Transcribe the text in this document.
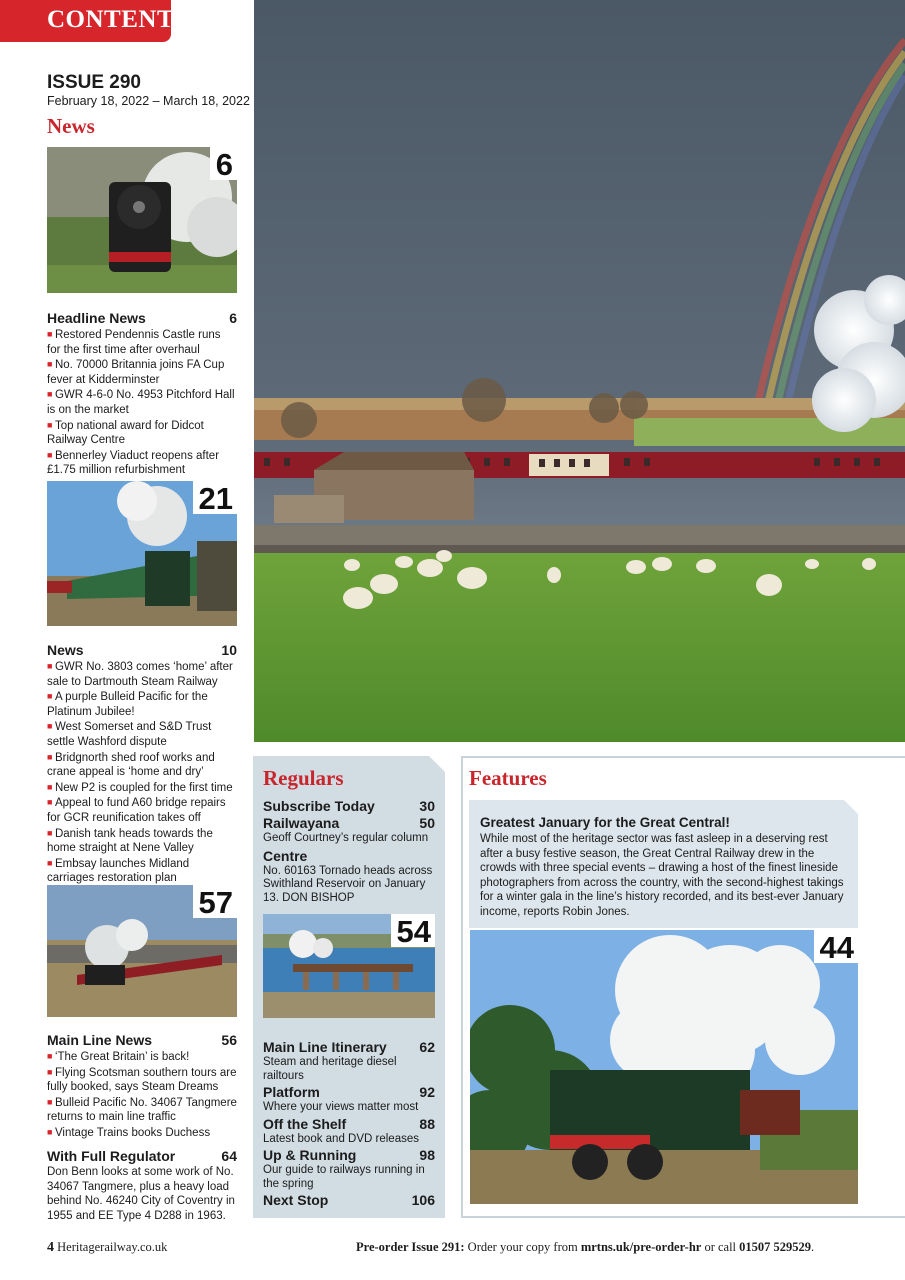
CONTENTS
ISSUE 290
February 18, 2022 – March 18, 2022
News
6
Headline News	6
■ Restored Pendennis Castle runs for the first time after overhaul
■ No. 70000 Britannia joins FA Cup fever at Kidderminster
■ GWR 4-6-0 No. 4953 Pitchford Hall is on the market
■ Top national award for Didcot Railway Centre
■ Bennerley Viaduct reopens after £1.75 million refurbishment
21
News	10
■ GWR No. 3803 comes ‘home’ after sale to Dartmouth Steam Railway
■ A purple Bulleid Pacific for the Platinum Jubilee!
■ West Somerset and S&D Trust settle Washford dispute
■ Bridgnorth shed roof works and crane appeal is ‘home and dry’
■ New P2 is coupled for the first time
■ Appeal to fund A60 bridge repairs for GCR reunification takes off
■ Danish tank heads towards the home straight at Nene Valley
■ Embsay launches Midland carriages restoration plan
57
Main Line News	56
■ ‘The Great Britain’ is back!
■ Flying Scotsman southern tours are fully booked, says Steam Dreams
■ Bulleid Pacific No. 34067 Tangmere returns to main line traffic
■ Vintage Trains books Duchess
With Full Regulator	64
Don Benn looks at some work of No. 34067 Tangmere, plus a heavy load behind No. 46240 City of Coventry in 1955 and EE Type 4 D288 in 1963.
Regulars
Subscribe Today	30
Railwayana	50
Geoff Courtney’s regular column
Centre
No. 60163 Tornado heads across Swithland Reservoir on January 13. DON BISHOP
54
Main Line Itinerary 62
Steam and heritage diesel railtours
Platform	92
Where your views matter most
Off the Shelf	88
Latest book and DVD releases
Up & Running	98
Our guide to railways running in the spring
Next Stop	106
Features
Greatest January for the Great Central!
While most of the heritage sector was fast asleep in a deserving rest after a busy festive season, the Great Central Railway drew in the crowds with three special events – drawing a host of the finest lineside photographers from across the country, with the second-highest takings for a winter gala in the line’s history recorded, and its best-ever January income, reports Robin Jones.
44
4 Heritagerailway.co.uk	Pre-order Issue 291: Order your copy from mrtns.uk/pre-order-hr or call 01507 529529.
